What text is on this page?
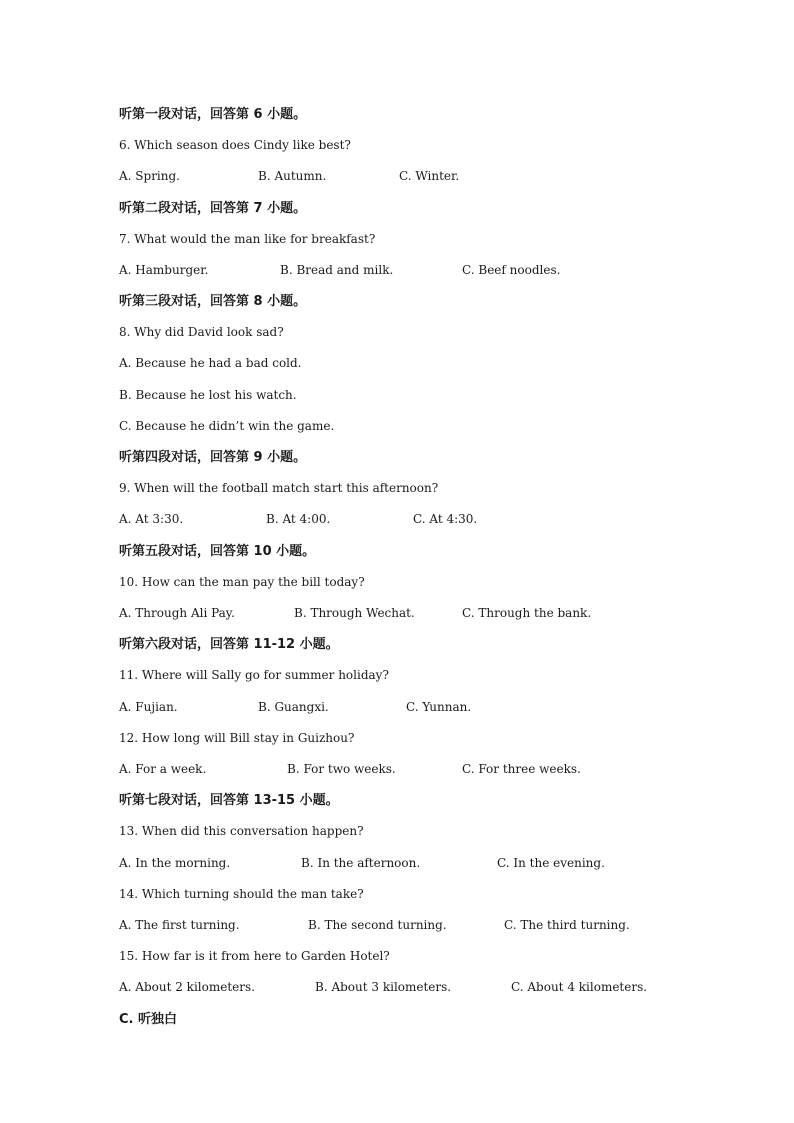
听第一段对话，回答第 6 小题。
6. Which season does Cindy like best?

A. Spring.

	B. Autumn.

	C. Winter.

听第二段对话，回答第 7 小题。
7. What would the man like for breakfast?

A. Hamburger.

	B. Bread and milk.

	C. Beef noodles.

听第三段对话，回答第 8 小题。
8. Why did David look sad?
A. Because he had a bad cold.
B. Because he lost his watch.
C. Because he didn’t win the game.
听第四段对话，回答第 9 小题。
9. When will the football match start this afternoon?

A. At 3:30.

	B. At 4:00.

	C. At 4:30.

听第五段对话，回答第 10 小题。
10. How can the man pay the bill today?

A. Through Ali Pay.

	B. Through Wechat.

	C. Through the bank.

听第六段对话，回答第 11-12 小题。
11. Where will Sally go for summer holiday?

A. Fujian.

	B. Guangxi.

	C. Yunnan.

12. How long will Bill stay in Guizhou?

A. For a week.

	B. For two weeks.

	C. For three weeks.

听第七段对话，回答第 13-15 小题。
13. When did this conversation happen?

A. In the morning.

	B. In the afternoon.

	C. In the evening.

14. Which turning should the man take?

A. The first turning.

	B. The second turning.

	C. The third turning.

15. How far is it from here to Garden Hotel?

A. About 2 kilometers.

	B. About 3 kilometers.

	C. About 4 kilometers.

C. 听独白
